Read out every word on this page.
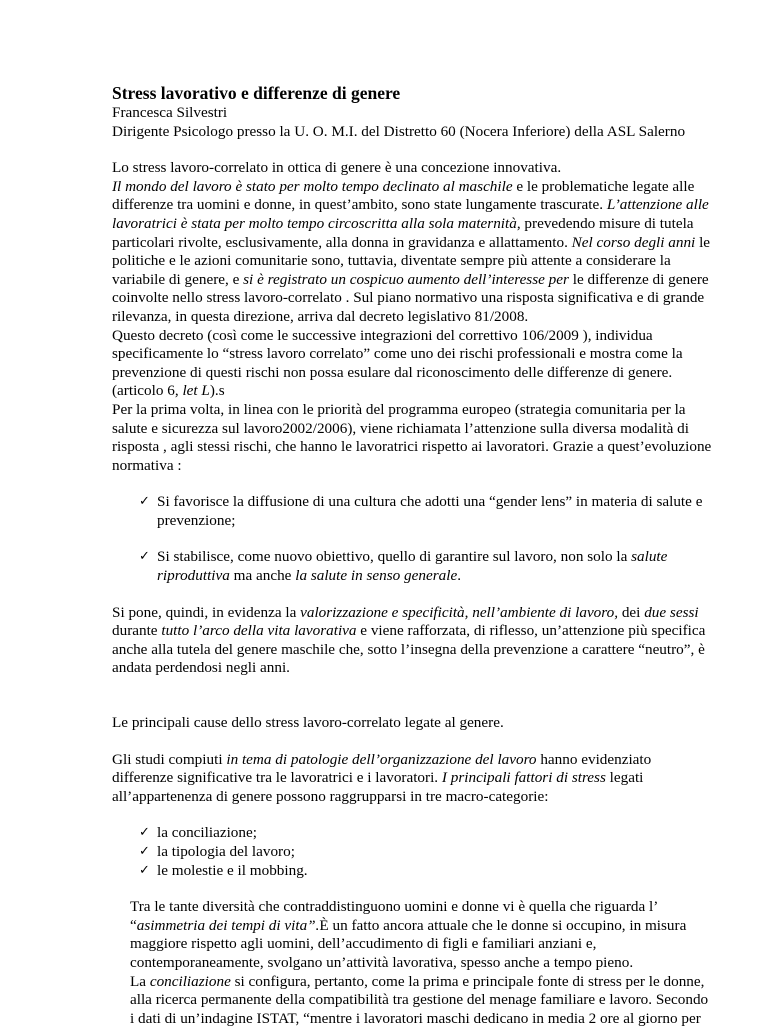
Stress lavorativo e differenze di genere

Francesca Silvestri

Dirigente Psicologo presso la U. O. M.I. del Distretto 60 (Nocera Inferiore) della ASL Salerno

Lo stress lavoro-correlato in ottica di genere è una concezione innovativa.
Il mondo del lavoro è stato per molto tempo declinato al maschile e le problematiche legate alle differenze tra uomini e donne, in quest’ambito, sono state lungamente trascurate. L’attenzione alle lavoratrici è stata per molto tempo circoscritta alla sola maternità, prevedendo misure di tutela particolari rivolte, esclusivamente, alla donna in gravidanza e allattamento. Nel corso degli anni le politiche e le azioni comunitarie sono, tuttavia, diventate sempre più attente a considerare la variabile di genere, e si è registrato un cospicuo aumento dell’interesse per le differenze di genere coinvolte nello stress lavoro-correlato . Sul piano normativo una risposta significativa e di grande rilevanza, in questa direzione, arriva dal decreto legislativo 81/2008.

Questo decreto (così come le successive integrazioni del correttivo 106/2009 ), individua specificamente lo “stress lavoro correlato” come uno dei rischi professionali e mostra come la prevenzione di questi rischi non possa esulare dal riconoscimento delle differenze di genere. (articolo 6, let L).s

Per la prima volta, in linea con le priorità del programma europeo (strategia comunitaria per la salute e sicurezza sul lavoro2002/2006), viene richiamata l’attenzione sulla diversa modalità di risposta , agli stessi rischi, che hanno le lavoratrici rispetto ai lavoratori. Grazie a quest’evoluzione normativa :

✓ Si favorisce la diffusione di una cultura che adotti una “gender lens” in materia di salute e prevenzione;
✓ Si stabilisce, come nuovo obiettivo, quello di garantire sul lavoro, non solo la salute riproduttiva ma anche la salute in senso generale.

Si pone, quindi, in evidenza la valorizzazione e specificità, nell’ambiente di lavoro, dei due sessi
durante tutto l’arco della vita lavorativa e viene rafforzata, di riflesso, un’attenzione più specifica anche alla tutela del genere maschile che, sotto l’insegna della prevenzione a carattere “neutro”, è andata perdendosi negli anni.

Le principali cause dello stress lavoro-correlato legate al genere.

Gli studi compiuti in tema di patologie dell’organizzazione del lavoro hanno evidenziato differenze significative tra le lavoratrici e i lavoratori. I principali fattori di stress legati all’appartenenza di genere possono raggrupparsi in tre macro-categorie:

✓ la conciliazione;
✓ la tipologia del lavoro;
✓ le molestie e il mobbing.

Tra le tante diversità che contraddistinguono uomini e donne vi è quella che riguarda l’ “asimmetria dei tempi di vita”.È un fatto ancora attuale che le donne si occupino, in misura maggiore rispetto agli uomini, dell’accudimento di figli e familiari anziani e, contemporaneamente, svolgano un’attività lavorativa, spesso anche a tempo pieno.

La conciliazione si configura, pertanto, come la prima e principale fonte di stress per le donne, alla ricerca permanente della compatibilità tra gestione del menage familiare e lavoro. Secondo i dati di un’indagine ISTAT, “mentre i lavoratori maschi dedicano in media 2 ore al giorno per
